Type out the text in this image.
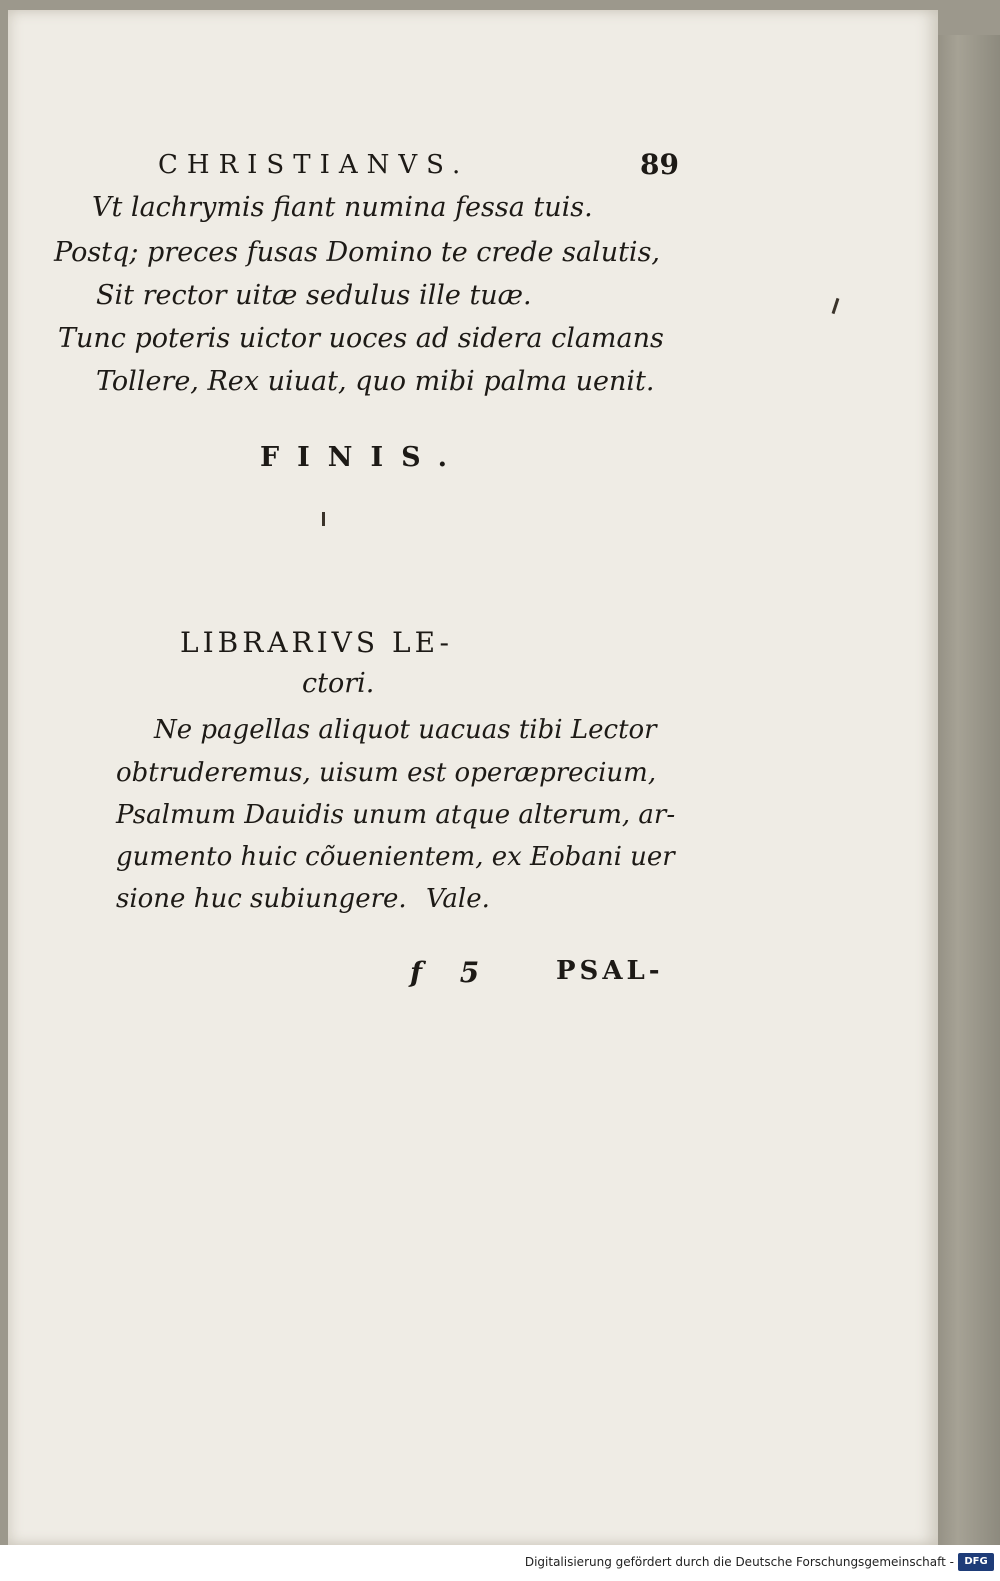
CHRISTIANVS.	89
Vt lachrymis fiant numina fessa tuis.
Postq; preces fusas Domino te crede salutis,
Sit rector uitæ sedulus ille tuæ.
Tunc poteris uictor uoces ad sidera clamans
Tollere, Rex uiuat, quo mibi palma uenit.
FINIS.
LIBRARIVS LE-
ctori.
Ne pagellas aliquot uacuas tibi Lector
obtruderemus, uisum est operæprecium,
Psalmum Dauidis unum atque alterum, ar-
gumento huic cõuenientem, ex Eobani uer
sione huc subiungere. Vale.
f 5 PSAL-
Digitalisierung gefördert durch die Deutsche Forschungsgemeinschaft -	DFG
